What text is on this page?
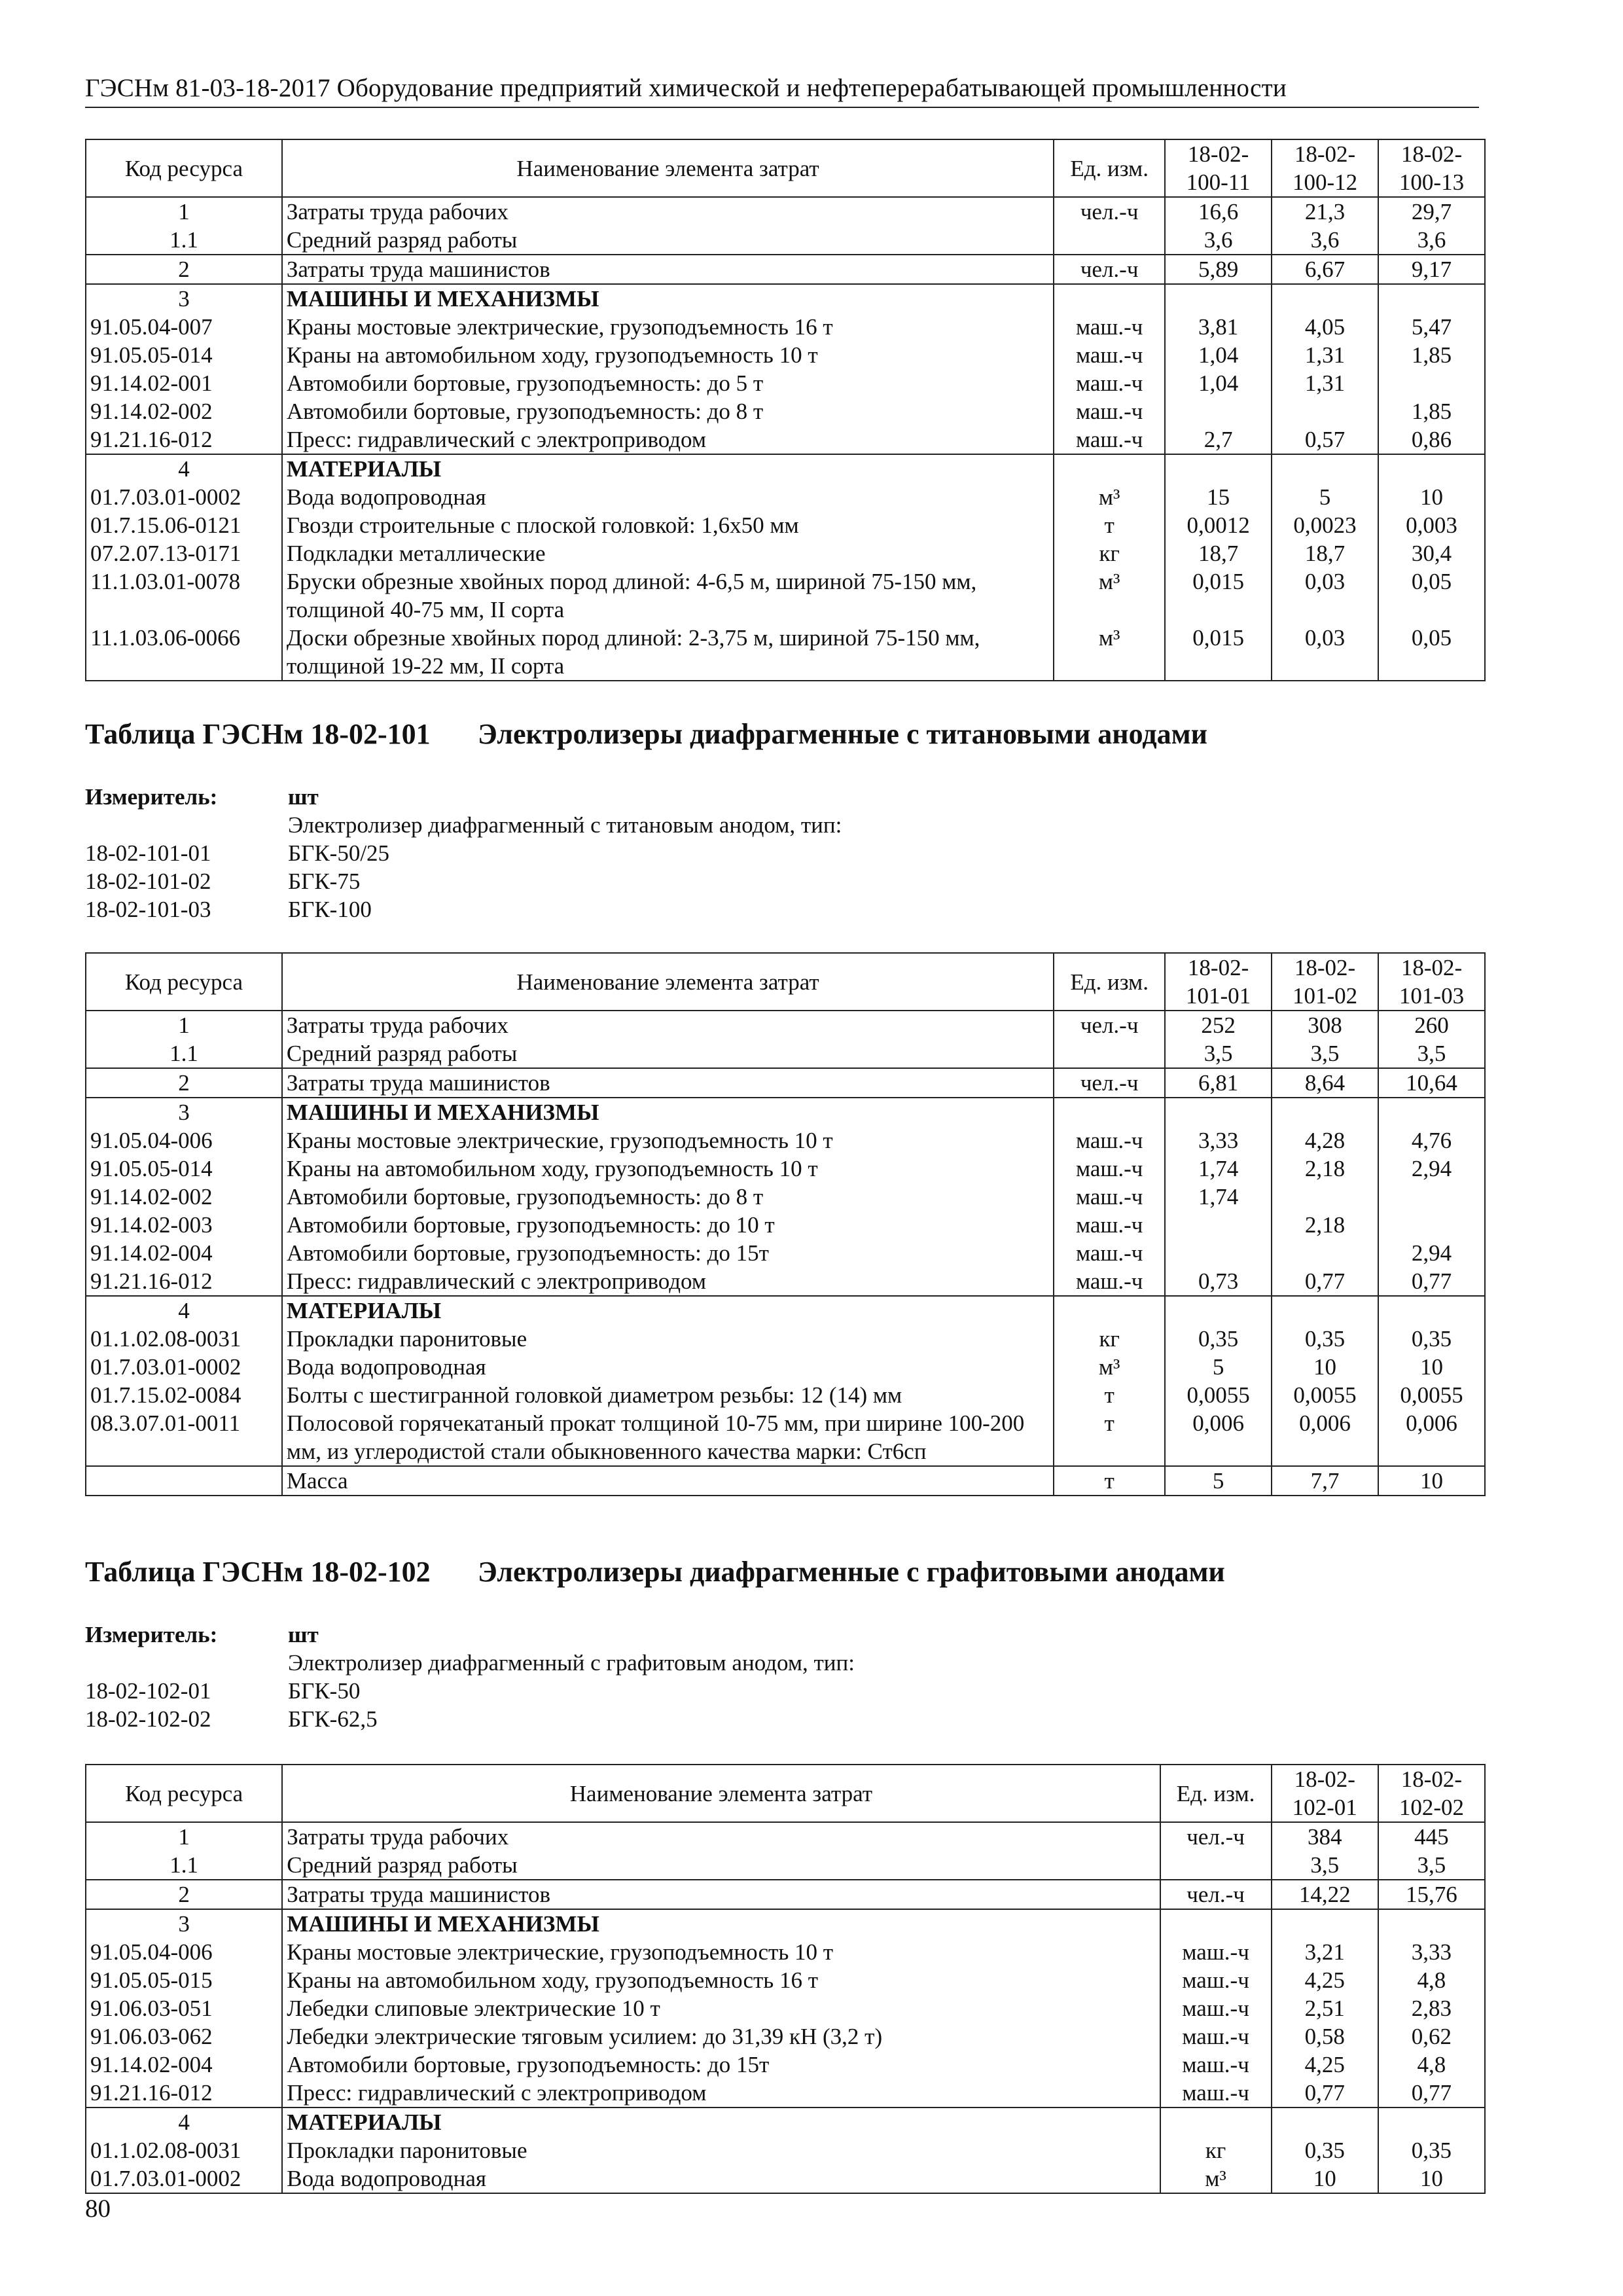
ГЭСНм 81-03-18-2017 Оборудование предприятий химической и нефтеперерабатывающей промышленности
Код ресурса	Наименование элемента затрат	Ед. изм.	18-02-100-11	18-02-100-12	18-02-100-13
1	Затраты труда рабочих	чел.-ч	16,6	21,3	29,7
1.1	Средний разряд работы		3,6	3,6	3,6
2	Затраты труда машинистов	чел.-ч	5,89	6,67	9,17
3	МАШИНЫ И МЕХАНИЗМЫ				
91.05.04-007	Краны мостовые электрические, грузоподъемность 16 т	маш.-ч	3,81	4,05	5,47
91.05.05-014	Краны на автомобильном ходу, грузоподъемность 10 т	маш.-ч	1,04	1,31	1,85
91.14.02-001	Автомобили бортовые, грузоподъемность: до 5 т	маш.-ч	1,04	1,31	
91.14.02-002	Автомобили бортовые, грузоподъемность: до 8 т	маш.-ч			1,85
91.21.16-012	Пресс: гидравлический с электроприводом	маш.-ч	2,7	0,57	0,86
4	МАТЕРИАЛЫ				
01.7.03.01-0002	Вода водопроводная	м³	15	5	10
01.7.15.06-0121	Гвозди строительные с плоской головкой: 1,6x50 мм	т	0,0012	0,0023	0,003
07.2.07.13-0171	Подкладки металлические	кг	18,7	18,7	30,4
11.1.03.01-0078	Бруски обрезные хвойных пород длиной: 4-6,5 м, шириной 75-150 мм, толщиной 40-75 мм, II сорта	м³	0,015	0,03	0,05
11.1.03.06-0066	Доски обрезные хвойных пород длиной: 2-3,75 м, шириной 75-150 мм, толщиной 19-22 мм, II сорта	м³	0,015	0,03	0,05
Таблица ГЭСНм 18-02-101 Электролизеры диафрагменные с титановыми анодами
Измеритель:	шт
Электролизер диафрагменный с титановым анодом, тип:
18-02-101-01	БГК-50/25
18-02-101-02	БГК-75
18-02-101-03	БГК-100
Код ресурса	Наименование элемента затрат	Ед. изм.	18-02-101-01	18-02-101-02	18-02-101-03
1	Затраты труда рабочих	чел.-ч	252	308	260
1.1	Средний разряд работы		3,5	3,5	3,5
2	Затраты труда машинистов	чел.-ч	6,81	8,64	10,64
3	МАШИНЫ И МЕХАНИЗМЫ				
91.05.04-006	Краны мостовые электрические, грузоподъемность 10 т	маш.-ч	3,33	4,28	4,76
91.05.05-014	Краны на автомобильном ходу, грузоподъемность 10 т	маш.-ч	1,74	2,18	2,94
91.14.02-002	Автомобили бортовые, грузоподъемность: до 8 т	маш.-ч	1,74		
91.14.02-003	Автомобили бортовые, грузоподъемность: до 10 т	маш.-ч		2,18	
91.14.02-004	Автомобили бортовые, грузоподъемность: до 15т	маш.-ч			2,94
91.21.16-012	Пресс: гидравлический с электроприводом	маш.-ч	0,73	0,77	0,77
4	МАТЕРИАЛЫ				
01.1.02.08-0031	Прокладки паронитовые	кг	0,35	0,35	0,35
01.7.03.01-0002	Вода водопроводная	м³	5	10	10
01.7.15.02-0084	Болты с шестигранной головкой диаметром резьбы: 12 (14) мм	т	0,0055	0,0055	0,0055
08.3.07.01-0011	Полосовой горячекатаный прокат толщиной 10-75 мм, при ширине 100-200 мм, из углеродистой стали обыкновенного качества марки: Ст6сп	т	0,006	0,006	0,006
	Масса	т	5	7,7	10
Таблица ГЭСНм 18-02-102 Электролизеры диафрагменные с графитовыми анодами
Измеритель:	шт
Электролизер диафрагменный с графитовым анодом, тип:
18-02-102-01	БГК-50
18-02-102-02	БГК-62,5
Код ресурса	Наименование элемента затрат	Ед. изм.	18-02-102-01	18-02-102-02
1	Затраты труда рабочих	чел.-ч	384	445
1.1	Средний разряд работы		3,5	3,5
2	Затраты труда машинистов	чел.-ч	14,22	15,76
3	МАШИНЫ И МЕХАНИЗМЫ			
91.05.04-006	Краны мостовые электрические, грузоподъемность 10 т	маш.-ч	3,21	3,33
91.05.05-015	Краны на автомобильном ходу, грузоподъемность 16 т	маш.-ч	4,25	4,8
91.06.03-051	Лебедки слиповые электрические 10 т	маш.-ч	2,51	2,83
91.06.03-062	Лебедки электрические тяговым усилием: до 31,39 кН (3,2 т)	маш.-ч	0,58	0,62
91.14.02-004	Автомобили бортовые, грузоподъемность: до 15т	маш.-ч	4,25	4,8
91.21.16-012	Пресс: гидравлический с электроприводом	маш.-ч	0,77	0,77
4	МАТЕРИАЛЫ			
01.1.02.08-0031	Прокладки паронитовые	кг	0,35	0,35
01.7.03.01-0002	Вода водопроводная	м³	10	10
80
